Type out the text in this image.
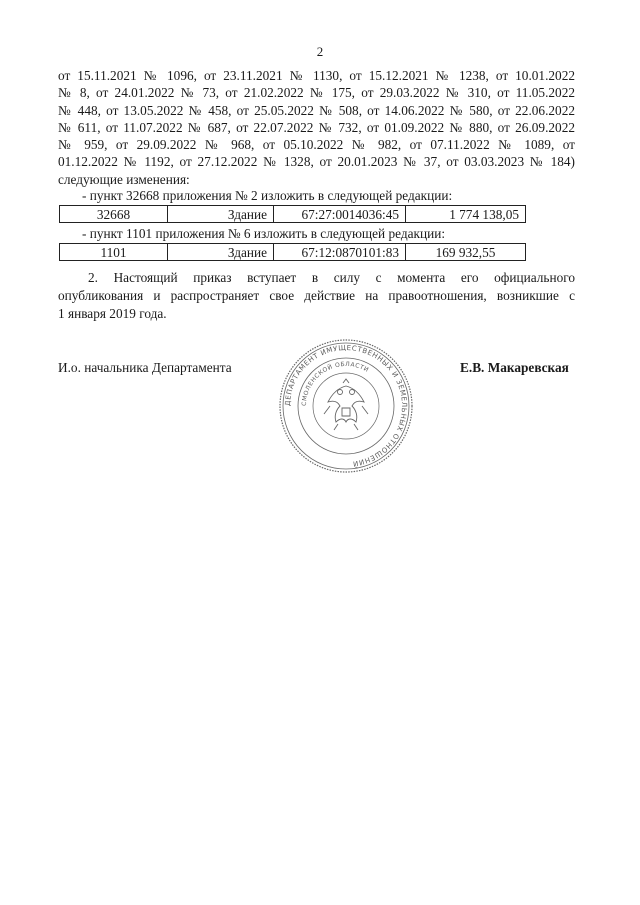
2
от 15.11.2021 № 1096, от 23.11.2021 № 1130, от 15.12.2021 № 1238, от 10.01.2022
№ 8, от 24.01.2022 № 73, от 21.02.2022 № 175, от 29.03.2022 № 310, от 11.05.2022
№ 448, от 13.05.2022 № 458, от 25.05.2022 № 508, от 14.06.2022 № 580, от 22.06.2022
№ 611, от 11.07.2022 № 687, от 22.07.2022 № 732, от 01.09.2022 № 880, от 26.09.2022
№ 959, от 29.09.2022 № 968, от 05.10.2022 № 982, от 07.11.2022 № 1089, от
01.12.2022 № 1192, от 27.12.2022 № 1328, от 20.01.2023 № 37, от 03.03.2023 № 184)
следующие изменения:
- пункт 32668 приложения № 2 изложить в следующей редакции:
32668	Здание	67:27:0014036:45	1 774 138,05
- пункт 1101 приложения № 6 изложить в следующей редакции:
1101	Здание	67:12:0870101:83	169 932,55
2. Настоящий приказ вступает в силу с момента его официального
опубликования и распространяет свое действие на правоотношения, возникшие с
1 января 2019 года.
И.о. начальника Департамента	Е.В. Макаревская
ДЕПАРТАМЕНТ ИМУЩЕСТВЕННЫХ И ЗЕМЕЛЬНЫХ ОТНОШЕНИЙ
СМОЛЕНСКОЙ ОБЛАСТИ
